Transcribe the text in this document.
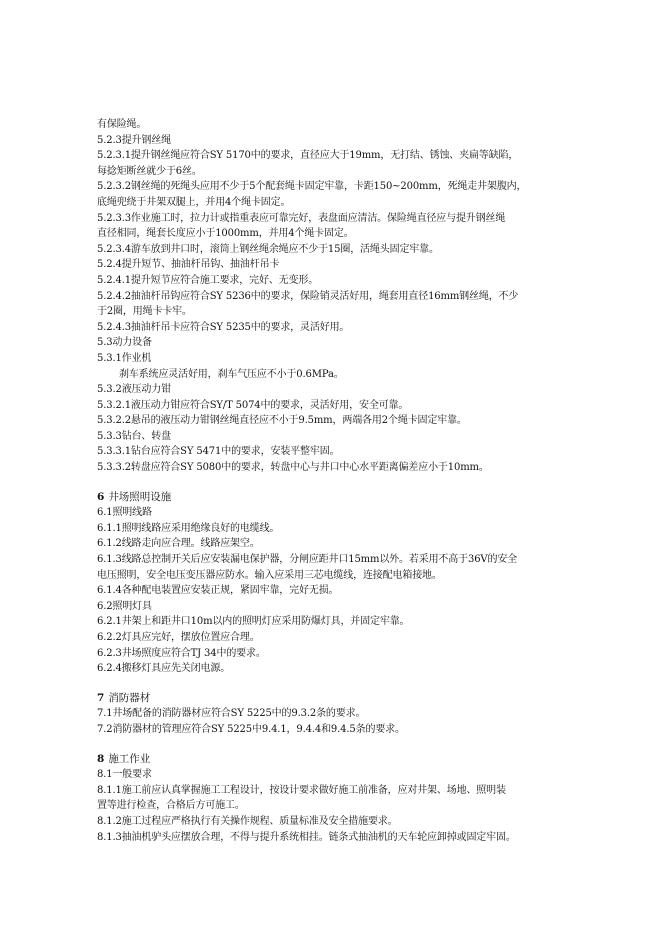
有保险绳。
5.2.3提升钢丝绳
5.2.3.1提升钢丝绳应符合SY 5170中的要求，直径应大于19mm，无打结、锈蚀、夹扁等缺陷，
每捻矩断丝就少于6丝。
5.2.3.2钢丝绳的死绳头应用不少于5个配套绳卡固定牢靠，卡距150~200mm，死绳走井架腹内，
底绳兜绕于井架双腿上，并用4个绳卡固定。
5.2.3.3作业施工时，拉力计或指重表应可靠完好，表盘面应清洁。保险绳直径应与提升钢丝绳
直径相同，绳套长度应小于1000mm，并用4个绳卡固定。
5.2.3.4游车放到井口时，滚筒上钢丝绳余绳应不少于15圈，活绳头固定牢靠。
5.2.4提升短节、抽油杆吊钩、抽油杆吊卡
5.2.4.1提升短节应符合施工要求，完好、无变形。
5.2.4.2抽油杆吊钩应符合SY 5236中的要求，保险销灵活好用，绳套用直径16mm钢丝绳，不少
于2圈，用绳卡卡牢。
5.2.4.3抽油杆吊卡应符合SY 5235中的要求，灵活好用。
5.3动力设备
5.3.1作业机
刹车系统应灵活好用，刹车气压应不小于0.6MPa。
5.3.2液压动力钳
5.3.2.1液压动力钳应符合SY/T 5074中的要求，灵活好用，安全可靠。
5.3.2.2悬吊的液压动力钳钢丝绳直径应不小于9.5mm，两端各用2个绳卡固定牢靠。
5.3.3钻台、转盘
5.3.3.1钻台应符合SY 5471中的要求，安装平整牢固。
5.3.3.2转盘应符合SY 5080中的要求，转盘中心与井口中心水平距离偏差应小于10mm。
6 井场照明设施
6.1照明线路
6.1.1照明线路应采用绝缘良好的电缆线。
6.1.2线路走向应合理。线路应架空。
6.1.3线路总控制开关后应安装漏电保护器，分闸应距井口15mm以外。若采用不高于36V的安全
电压照明，安全电压变压器应防水。输入应采用三芯电缆线，连接配电箱接地。
6.1.4各种配电装置应安装正规，紧固牢靠，完好无损。
6.2照明灯具
6.2.1井架上和距井口10m以内的照明灯应采用防爆灯具，并固定牢靠。
6.2.2灯具应完好，摆放位置应合理。
6.2.3井场照度应符合TJ 34中的要求。
6.2.4搬移灯具应先关闭电源。
7 消防器材
7.1井场配备的消防器材应符合SY 5225中的9.3.2条的要求。
7.2消防器材的管理应符合SY 5225中9.4.1，9.4.4和9.4.5条的要求。
8 施工作业
8.1一般要求
8.1.1施工前应认真掌握施工工程设计，按设计要求做好施工前准备，应对井架、场地、照明装
置等进行检查，合格后方可施工。
8.1.2施工过程应严格执行有关操作规程、质量标准及安全措施要求。
8.1.3抽油机驴头应摆放合理，不得与提升系统相挂。链条式抽油机的天车轮应卸掉或固定牢固。
